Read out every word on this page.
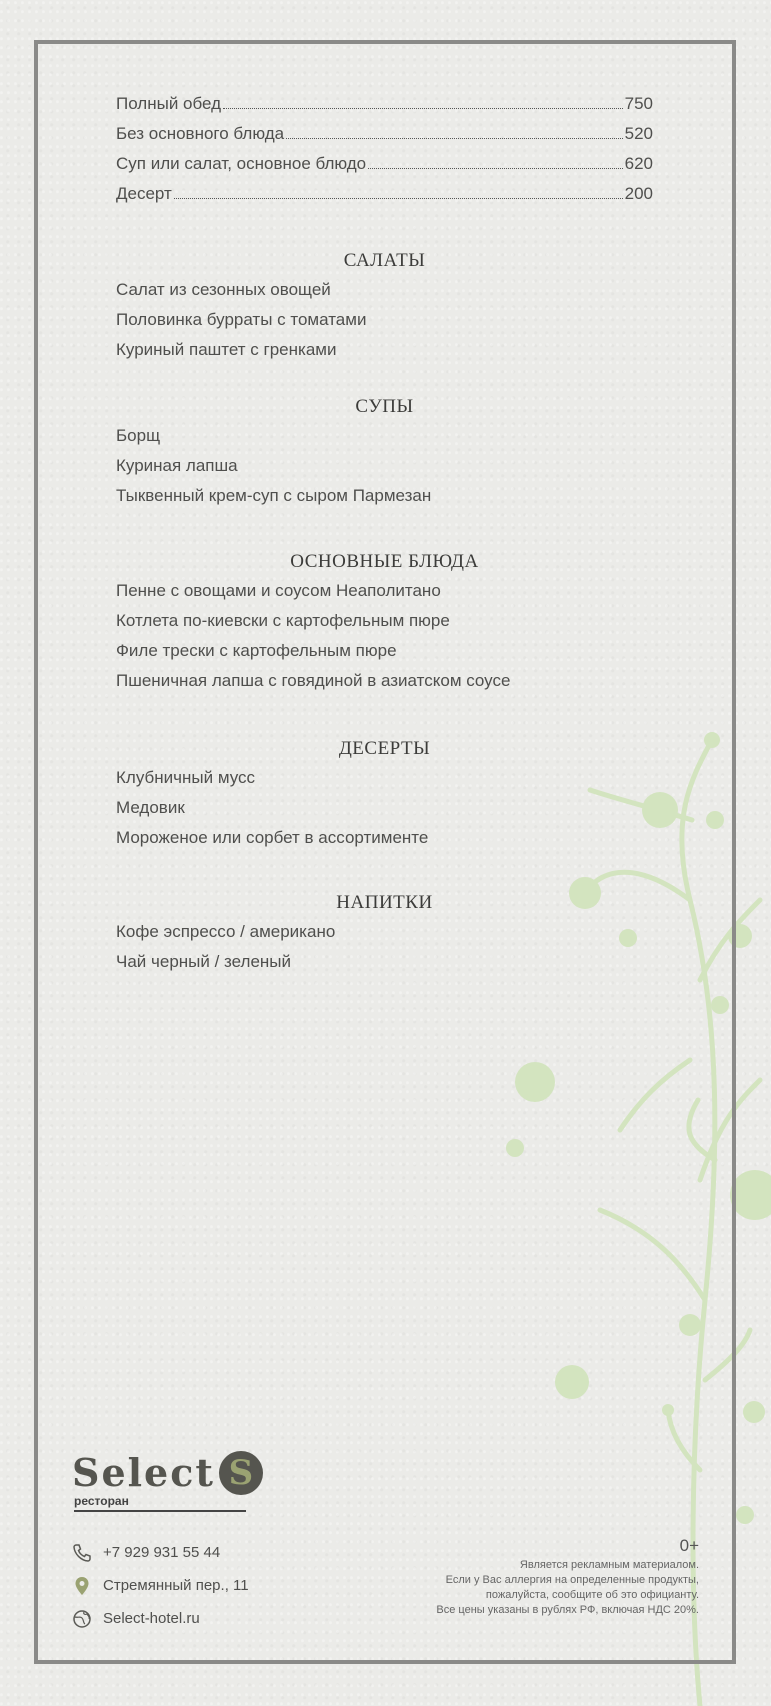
Полный обед	750
Без основного блюда	520
Суп или салат, основное блюдо	620
Десерт	200
САЛАТЫ
Салат из сезонных овощей
Половинка бурраты с томатами
Куриный паштет с гренками
СУПЫ
Борщ
Куриная лапша
Тыквенный крем-суп с сыром Пармезан
ОСНОВНЫЕ БЛЮДА
Пенне с овощами и соусом Неаполитано
Котлета по-киевски с картофельным пюре
Филе трески с картофельным пюре
Пшеничная лапша с говядиной в азиатском соусе
ДЕСЕРТЫ
Клубничный мусс
Медовик
Мороженое или сорбет в ассортименте
НАПИТКИ
Кофе эспрессо / американо
Чай черный / зеленый
Select S
ресторан
+7 929 931 55 44
Стремянный пер., 11
Select-hotel.ru
0+
Является рекламным материалом.
Если у Вас аллергия на определенные продукты,
пожалуйста, сообщите об это официанту.
Все цены указаны в рублях РФ, включая НДС 20%.
